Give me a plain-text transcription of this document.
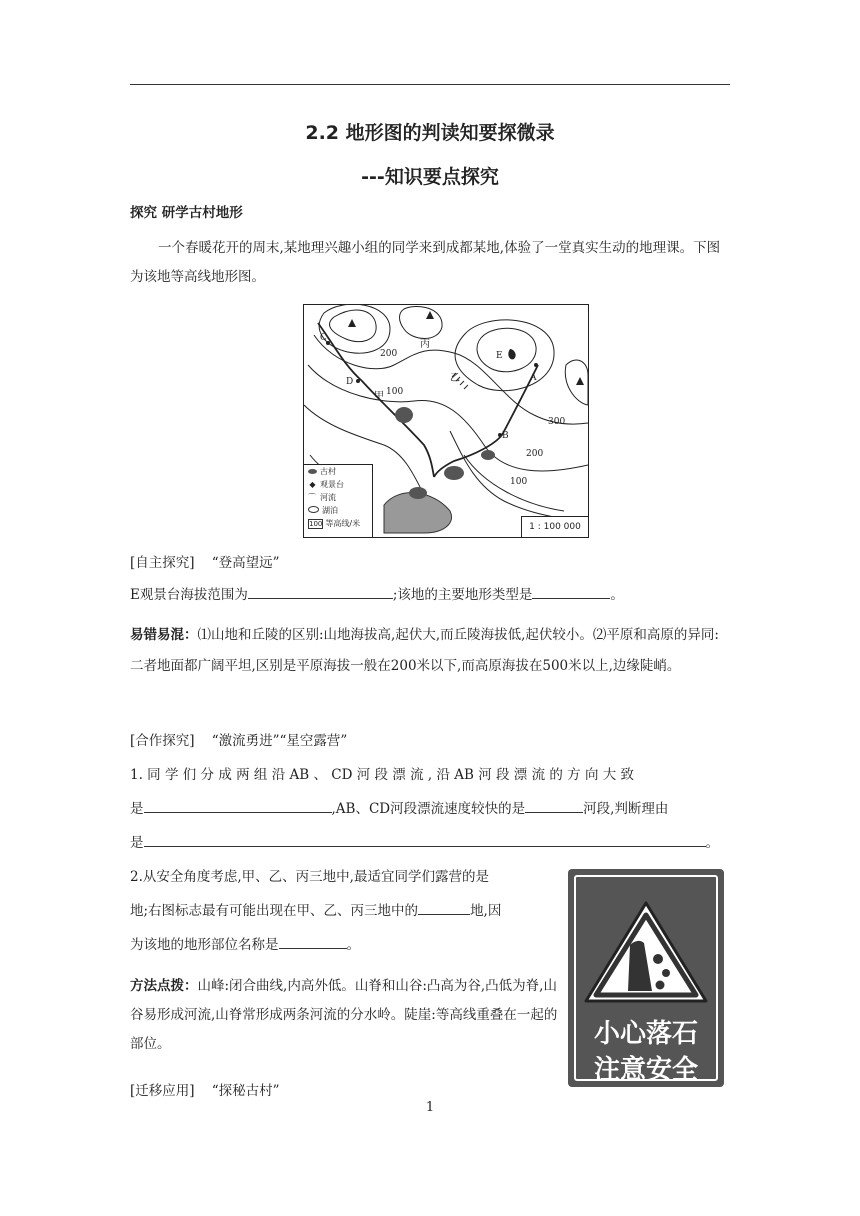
2.2 地形图的判读知要探微录
---知识要点探究
探究 研学古村地形
一个春暖花开的周末,某地理兴趣小组的同学来到成都某地,体验了一堂真实生动的地理课。下图为该地等高线地形图。
C
D	A
B
E
甲
乙
丙
200
100
300
200
100
古村
◆ 观景台
⌒ 河流
湖泊
100 等高线/米	1 : 100 000
[自主探究] “登高望远”
E观景台海拔范围为	;该地的主要地形类型是	。
易错易混：⑴山地和丘陵的区别:山地海拔高,起伏大,而丘陵海拔低,起伏较小。⑵平原和高原的异同:二者地面都广阔平坦,区别是平原海拔一般在200米以下,而高原海拔在500米以上,边缘陡峭。
[合作探究] “激流勇进”“星空露营”
1. 同 学 们 分 成 两 组 沿 AB 、 CD 河 段 漂 流 , 沿 AB 河 段 漂 流 的 方 向 大 致
是	,AB、CD河段漂流速度较快的是	河段,判断理由
是	。
2.从安全角度考虑,甲、乙、丙三地中,最适宜同学们露营的是
地;右图标志最有可能出现在甲、乙、丙三地中的	地,因
为该地的地形部位名称是	。
方法点拨：山峰:闭合曲线,内高外低。山脊和山谷:凸高为谷,凸低为脊,山谷易形成河流,山脊常形成两条河流的分水岭。陡崖:等高线重叠在一起的部位。
[迁移应用] “探秘古村”
小心落石
注意安全
1
